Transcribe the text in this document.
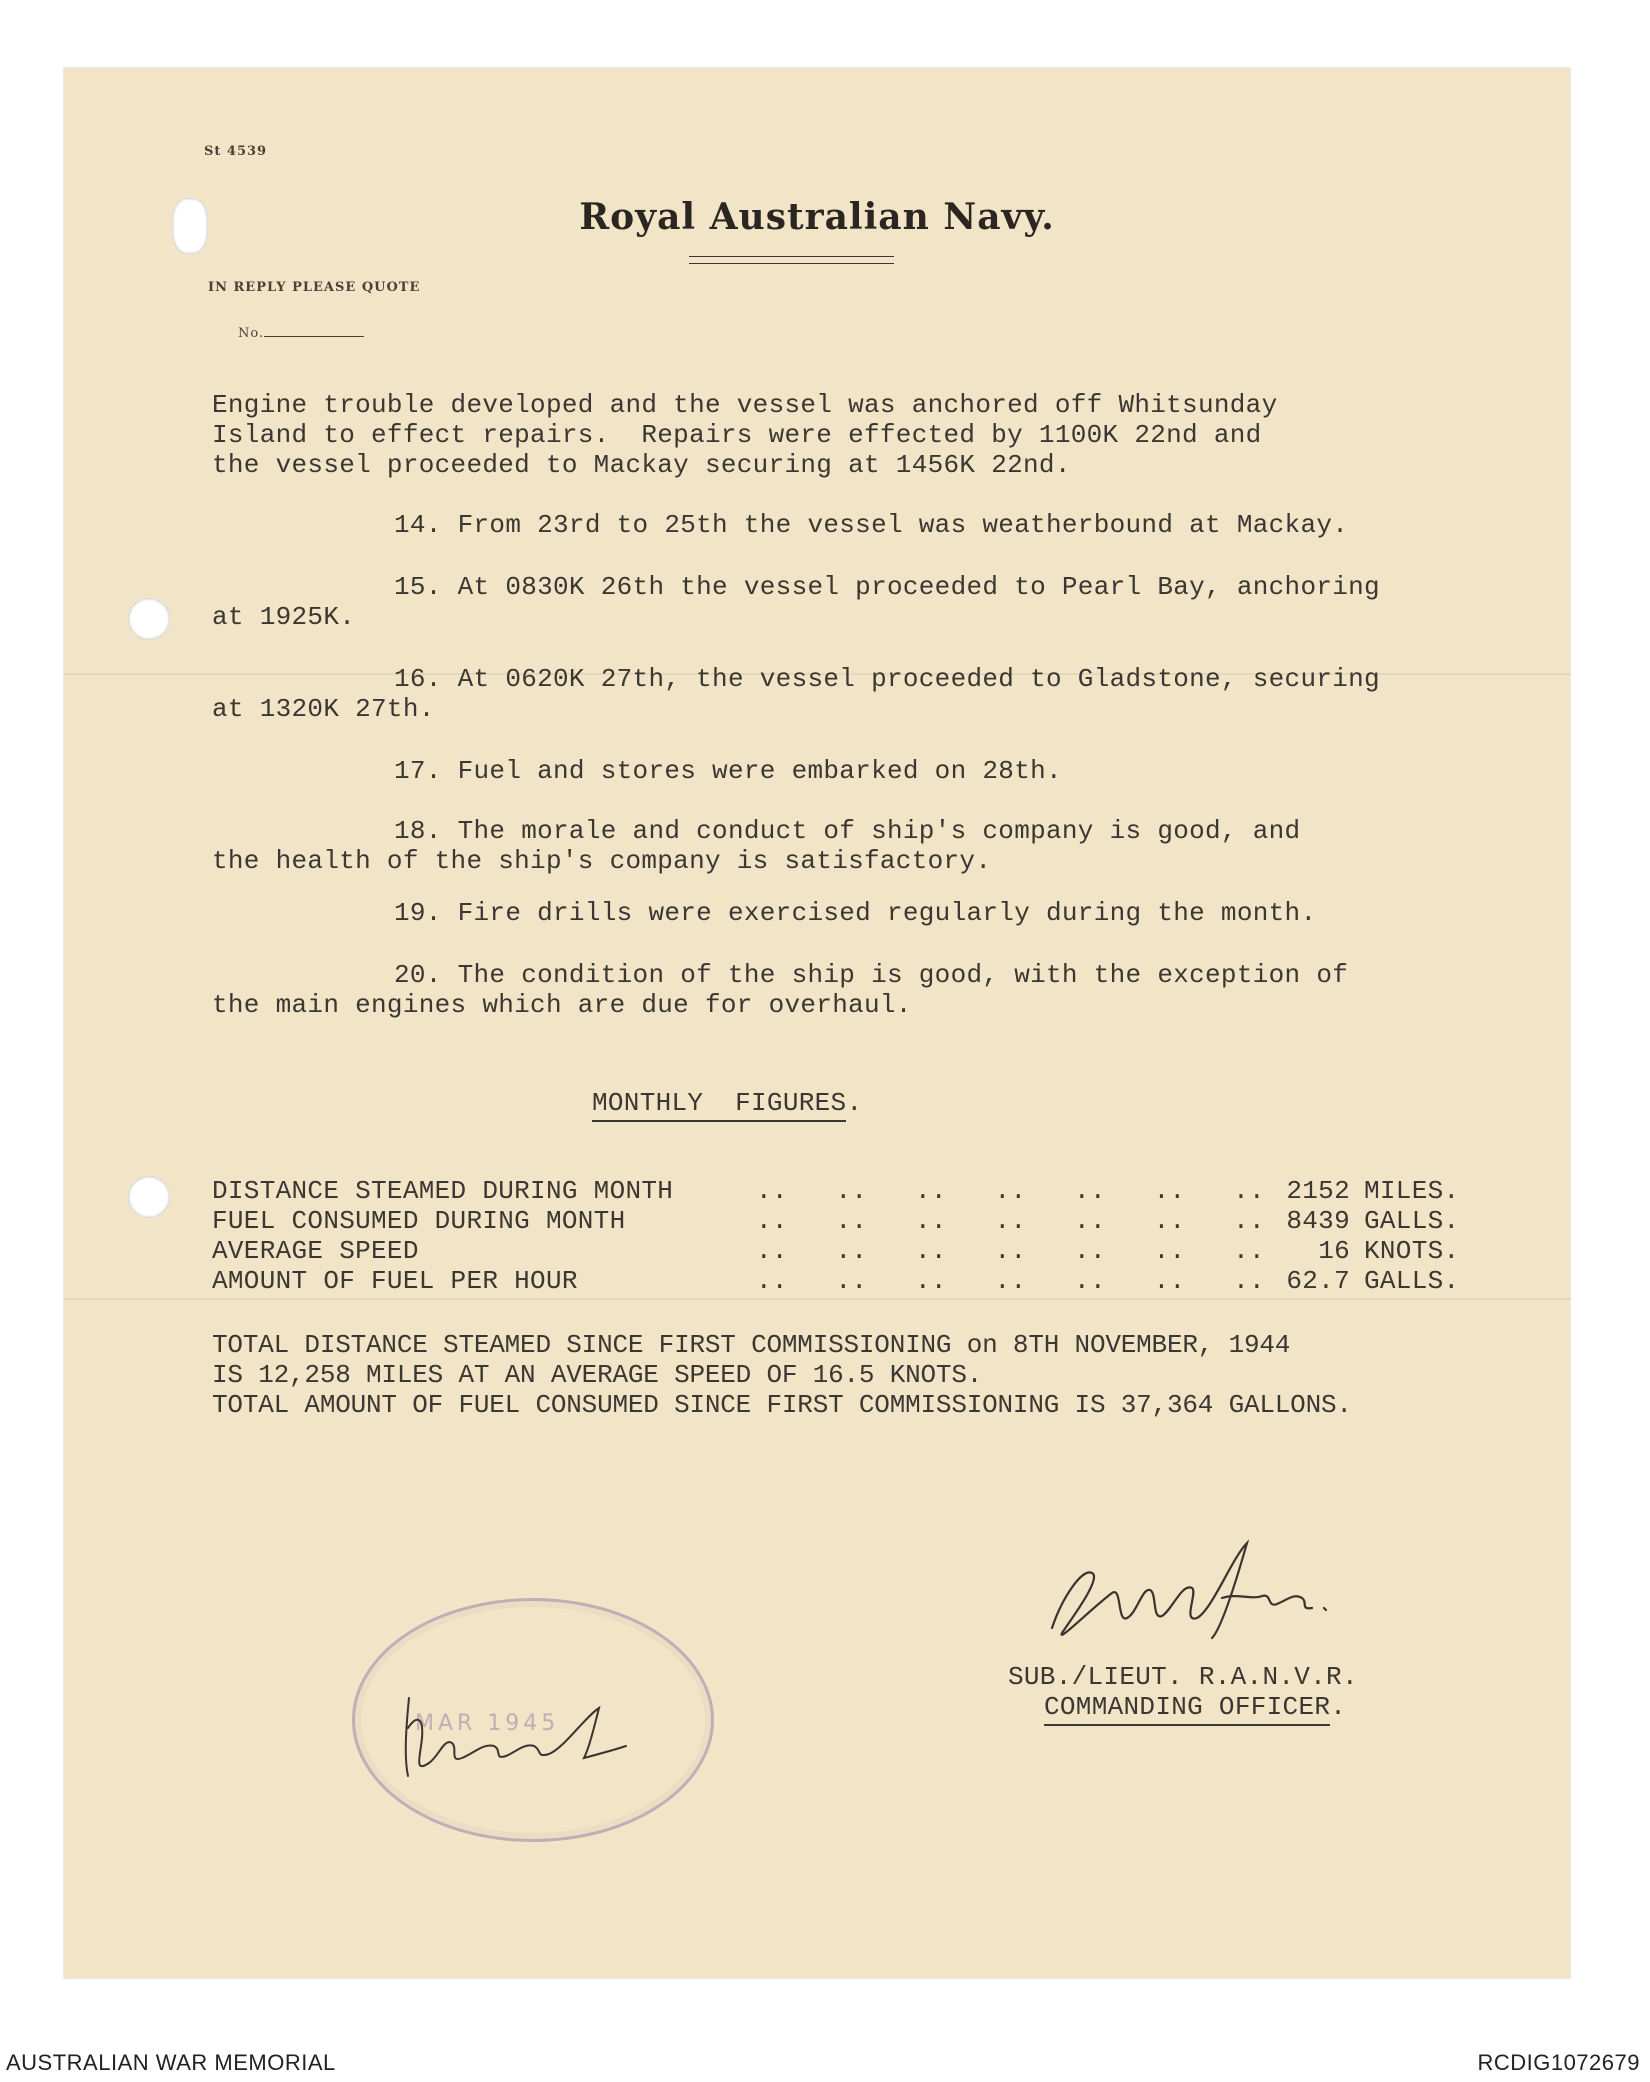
St 4539
Royal Australian Navy.
IN REPLY PLEASE QUOTE
No.
Engine trouble developed and the vessel was anchored off Whitsunday
Island to effect repairs.  Repairs were effected by 1100K 22nd and
the vessel proceeded to Mackay securing at 1456K 22nd.
14. From 23rd to 25th the vessel was weatherbound at Mackay.
15. At 0830K 26th the vessel proceeded to Pearl Bay, anchoring
at 1925K.
16. At 0620K 27th, the vessel proceeded to Gladstone, securing
at 1320K 27th.
17. Fuel and stores were embarked on 28th.
18. The morale and conduct of ship's company is good, and
the health of the ship's company is satisfactory.
19. Fire drills were exercised regularly during the month.
20. The condition of the ship is good, with the exception of
the main engines which are due for overhaul.
MONTHLY  FIGURES.
DISTANCE STEAMED DURING MONTH	..   ..   ..   ..   ..   ..   .. 2152 MILES.
FUEL CONSUMED DURING MONTH	..   ..   ..   ..   ..   ..   .. 8439 GALLS.
AVERAGE SPEED	..   ..   ..   ..   ..   ..   ..	16 KNOTS.
AMOUNT OF FUEL PER HOUR	..   ..   ..   ..   ..   ..   .. 62.7 GALLS.
TOTAL DISTANCE STEAMED SINCE FIRST COMMISSIONING on 8TH NOVEMBER, 1944
IS 12,258 MILES AT AN AVERAGE SPEED OF 16.5 KNOTS.
TOTAL AMOUNT OF FUEL CONSUMED SINCE FIRST COMMISSIONING IS 37,364 GALLONS.
SUB./LIEUT. R.A.N.V.R.
COMMANDING OFFICER.
MAR 1945
AUSTRALIAN WAR MEMORIAL	RCDIG1072679
